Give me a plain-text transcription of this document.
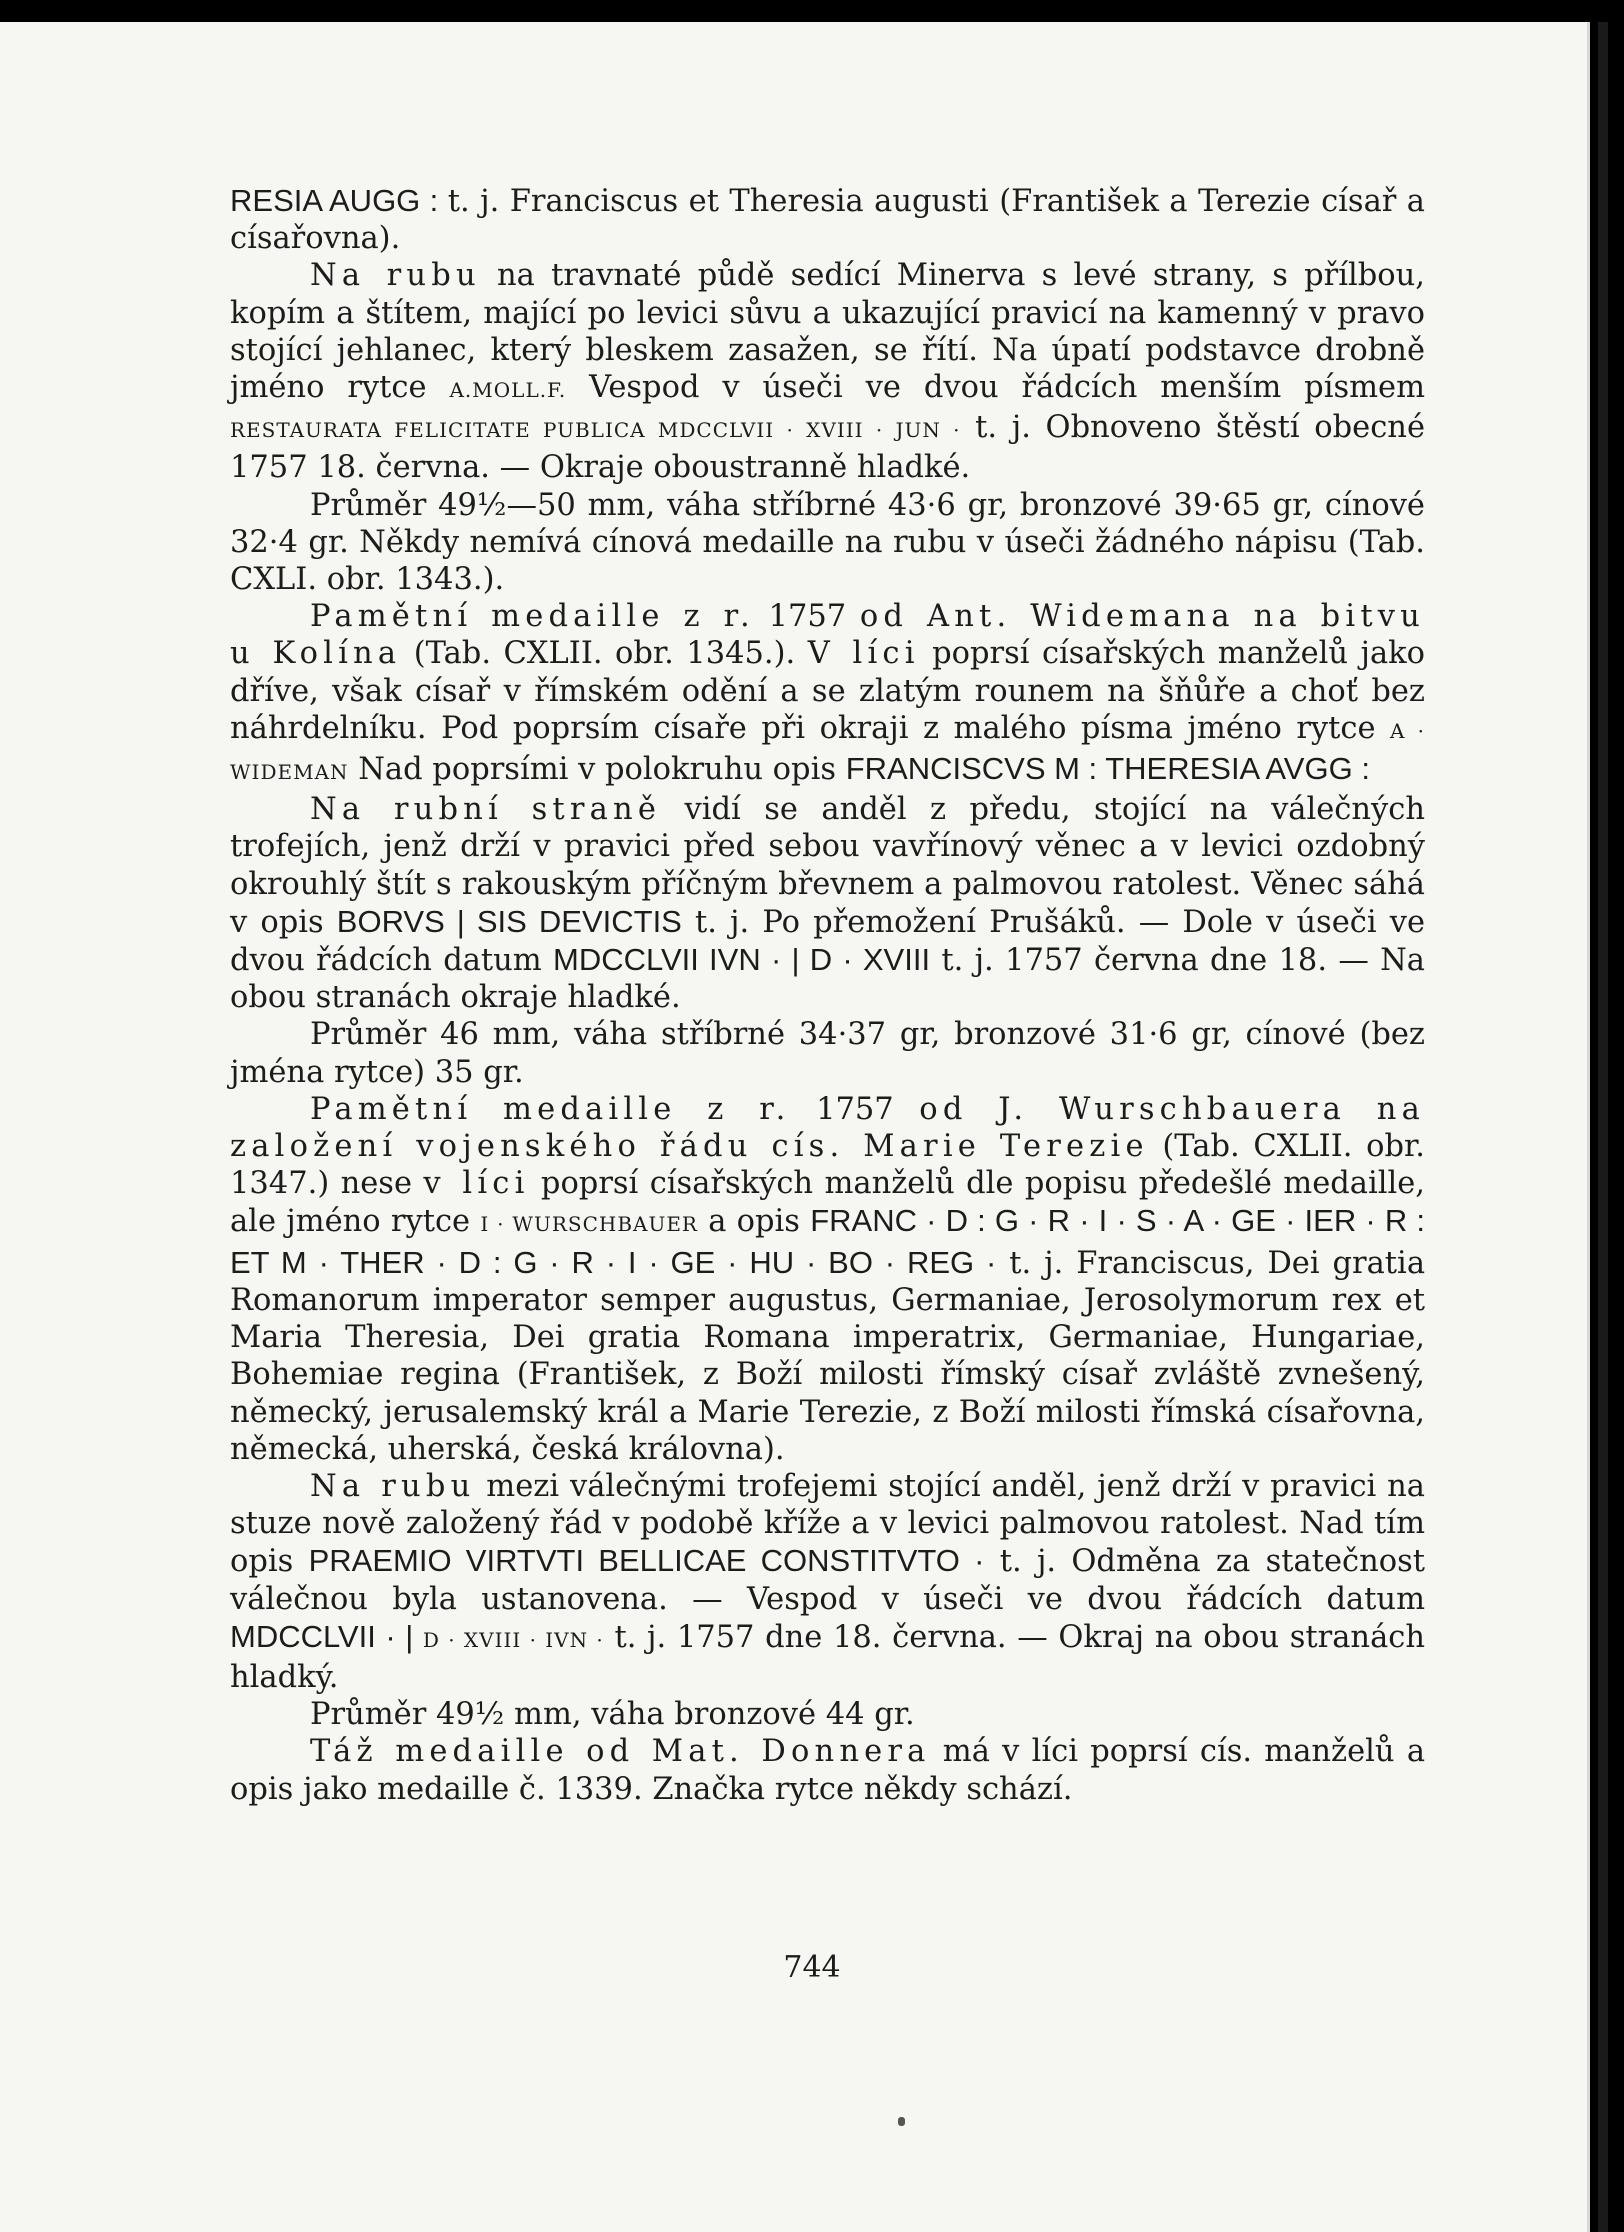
RESIA AUGG : t. j. Franciscus et Theresia augusti (František a Terezie císař a císařovna).

Na rubu na travnaté půdě sedící Minerva s levé strany, s přílbou, kopím a štítem, mající po levici sůvu a ukazující pravicí na kamenný v pravo stojící jehlanec, který bleskem zasažen, se řítí. Na úpatí podstavce drobně jméno rytce A.MOLL.F. Vespod v úseči ve dvou řádcích menším písmem RESTAURATA FELICITATE PUBLICA MDCCLVII · XVIII · JUN · t. j. Obnoveno štěstí obecné 1757 18. června. — Okraje oboustranně hladké.

Průměr 49½—50 mm, váha stříbrné 43·6 gr, bronzové 39·65 gr, cínové 32·4 gr. Někdy nemívá cínová medaille na rubu v úseči žádného nápisu (Tab. CXLI. obr. 1343.).

Pamětní medaille z r. 1757 od Ant. Widemana na bitvu u Kolína (Tab. CXLII. obr. 1345.). V líci poprsí císařských manželů jako dříve, však císař v římském odění a se zlatým rounem na šňůře a choť bez náhrdelníku. Pod poprsím císaře při okraji z malého písma jméno rytce A · WIDEMAN Nad poprsími v polokruhu opis FRANCISCVS M : THERESIA AVGG :

Na rubní straně vidí se anděl z předu, stojící na válečných trofejích, jenž drží v pravici před sebou vavřínový věnec a v levici ozdobný okrouhlý štít s rakouským příčným břevnem a palmovou ratolest. Věnec sáhá v opis BORVS | SIS DEVICTIS t. j. Po přemožení Prušáků. — Dole v úseči ve dvou řádcích datum MDCCLVII IVN · | D · XVIII t. j. 1757 června dne 18. — Na obou stranách okraje hladké.

Průměr 46 mm, váha stříbrné 34·37 gr, bronzové 31·6 gr, cínové (bez jména rytce) 35 gr.

Pamětní medaille z r. 1757 od J. Wurschbauera na založení vojenského řádu cís. Marie Terezie (Tab. CXLII. obr. 1347.) nese v líci poprsí císařských manželů dle popisu předešlé medaille, ale jméno rytce I · WURSCHBAUER a opis FRANC · D : G · R · I · S · A · GE · IER · R : ET M · THER · D : G · R · I · GE · HU · BO · REG · t. j. Franciscus, Dei gratia Romanorum imperator semper augustus, Germaniae, Jerosolymorum rex et Maria Theresia, Dei gratia Romana imperatrix, Germaniae, Hungariae, Bohemiae regina (František, z Boží milosti římský císař zvláště zvnešený, německý, jerusalemský král a Marie Terezie, z Boží milosti římská císařovna, německá, uherská, česká královna).

Na rubu mezi válečnými trofejemi stojící anděl, jenž drží v pravici na stuze nově založený řád v podobě kříže a v levici palmovou ratolest. Nad tím opis PRAEMIO VIRTVTI BELLICAE CONSTITVTO · t. j. Odměna za statečnost válečnou byla ustanovena. — Vespod v úseči ve dvou řádcích datum MDCCLVII · | D · XVIII · IVN · t. j. 1757 dne 18. června. — Okraj na obou stranách hladký.

Průměr 49½ mm, váha bronzové 44 gr.

Táž medaille od Mat. Donnera má v líci poprsí cís. manželů a opis jako medaille č. 1339. Značka rytce někdy schází.

744
